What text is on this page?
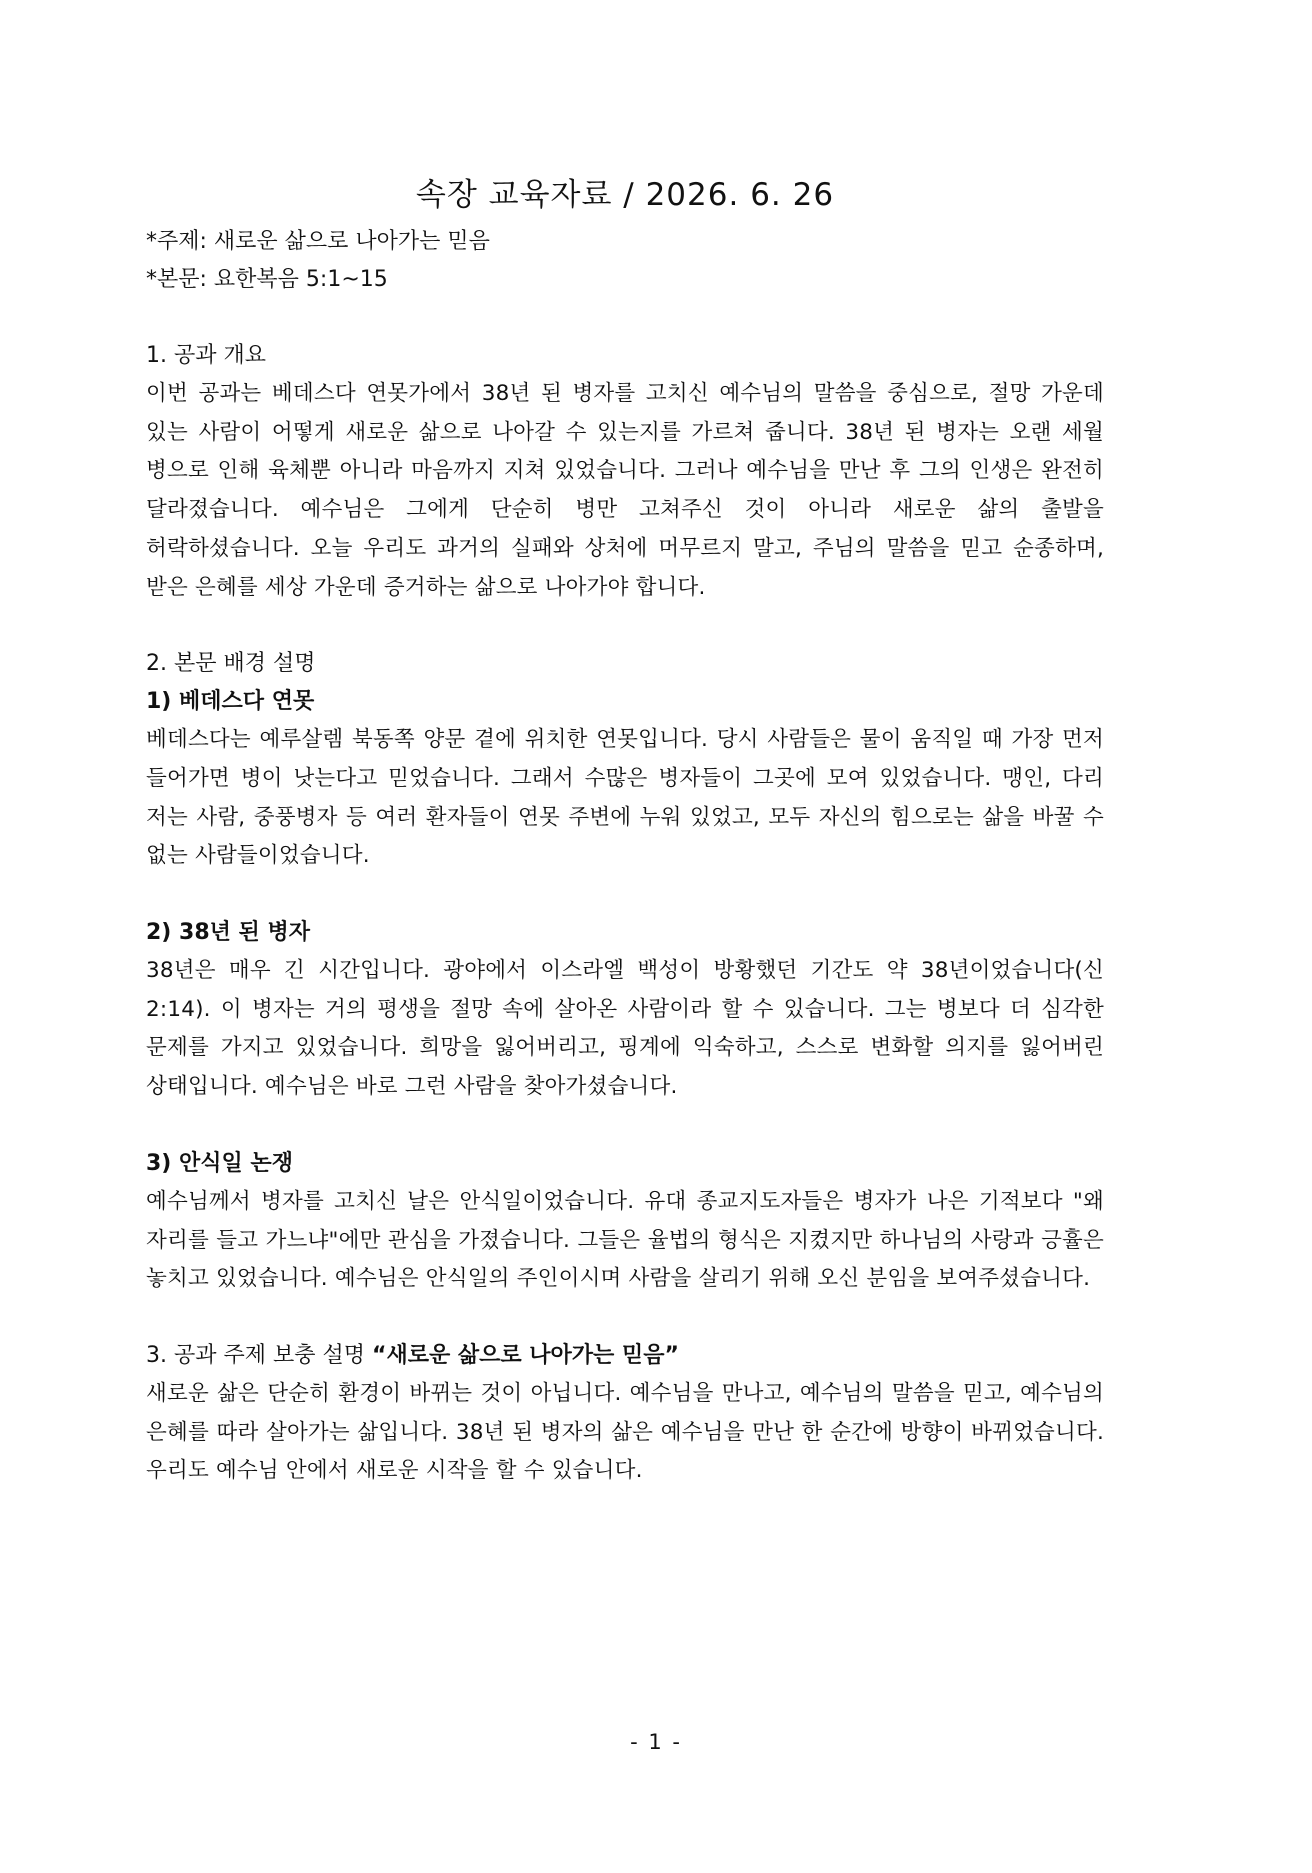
속장 교육자료 / 2026. 6. 26

*주제: 새로운 삶으로 나아가는 믿음

*본문: 요한복음 5:1~15

1. 공과 개요

이번 공과는 베데스다 연못가에서 38년 된 병자를 고치신 예수님의 말씀을 중심으로, 절망 가운데 있는 사람이 어떻게 새로운 삶으로 나아갈 수 있는지를 가르쳐 줍니다. 38년 된 병자는 오랜 세월 병으로 인해 육체뿐 아니라 마음까지 지쳐 있었습니다. 그러나 예수님을 만난 후 그의 인생은 완전히 달라졌습니다. 예수님은 그에게 단순히 병만 고쳐주신 것이 아니라 새로운 삶의 출발을 허락하셨습니다. 오늘 우리도 과거의 실패와 상처에 머무르지 말고, 주님의 말씀을 믿고 순종하며, 받은 은혜를 세상 가운데 증거하는 삶으로 나아가야 합니다.

2. 본문 배경 설명
1) 베데스다 연못

베데스다는 예루살렘 북동쪽 양문 곁에 위치한 연못입니다. 당시 사람들은 물이 움직일 때 가장 먼저 들어가면 병이 낫는다고 믿었습니다. 그래서 수많은 병자들이 그곳에 모여 있었습니다. 맹인, 다리 저는 사람, 중풍병자 등 여러 환자들이 연못 주변에 누워 있었고, 모두 자신의 힘으로는 삶을 바꿀 수 없는 사람들이었습니다.

2) 38년 된 병자

38년은 매우 긴 시간입니다. 광야에서 이스라엘 백성이 방황했던 기간도 약 38년이었습니다(신 2:14). 이 병자는 거의 평생을 절망 속에 살아온 사람이라 할 수 있습니다. 그는 병보다 더 심각한 문제를 가지고 있었습니다. 희망을 잃어버리고, 핑계에 익숙하고, 스스로 변화할 의지를 잃어버린 상태입니다. 예수님은 바로 그런 사람을 찾아가셨습니다.

3) 안식일 논쟁

예수님께서 병자를 고치신 날은 안식일이었습니다. 유대 종교지도자들은 병자가 나은 기적보다 "왜 자리를 들고 가느냐"에만 관심을 가졌습니다. 그들은 율법의 형식은 지켰지만 하나님의 사랑과 긍휼은 놓치고 있었습니다. 예수님은 안식일의 주인이시며 사람을 살리기 위해 오신 분임을 보여주셨습니다.

3. 공과 주제 보충 설명 “새로운 삶으로 나아가는 믿음”

새로운 삶은 단순히 환경이 바뀌는 것이 아닙니다. 예수님을 만나고, 예수님의 말씀을 믿고, 예수님의 은혜를 따라 살아가는 삶입니다. 38년 된 병자의 삶은 예수님을 만난 한 순간에 방향이 바뀌었습니다. 우리도 예수님 안에서 새로운 시작을 할 수 있습니다.

- 1 -
